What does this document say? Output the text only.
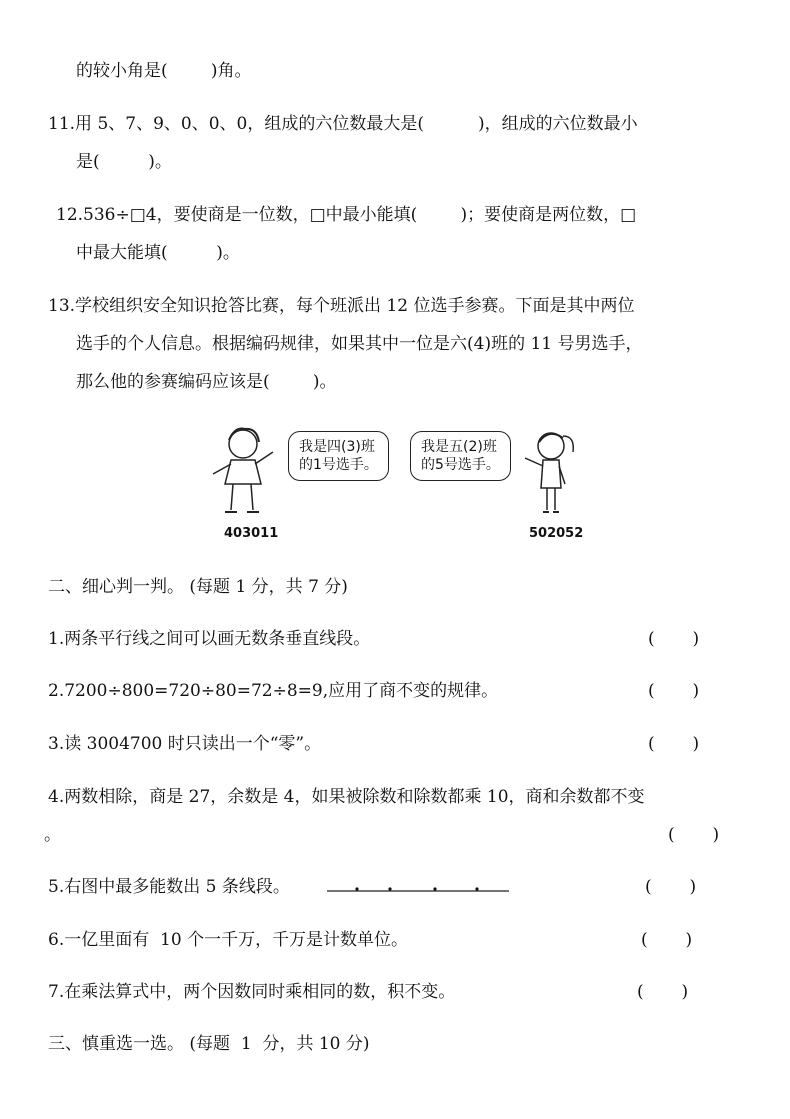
的较小角是(        )角。
11.用 5、7、9、0、0、0，组成的六位数最大是(          )，组成的六位数最小
是(         )。
12.536÷□4，要使商是一位数，□中最小能填(        )；要使商是两位数，□
中最大能填(         )。
13.学校组织安全知识抢答比赛，每个班派出 12 位选手参赛。下面是其中两位
选手的个人信息。根据编码规律，如果其中一位是六(4)班的 11 号男选手，
那么他的参赛编码应该是(        )。
我是四(3)班
的1号选手。
我是五(2)班
的5号选手。
403011	502052
二、细心判一判。 (每题 1 分，共 7 分)
1.两条平行线之间可以画无数条垂直线段。	(       )
2.7200÷800=720÷80=72÷8=9,应用了商不变的规律。	(       )
3.读 3004700 时只读出一个“零”。	(       )
4.两数相除，商是 27，余数是 4，如果被除数和除数都乘 10，商和余数都不变
。	(       )
5.右图中最多能数出 5 条线段。	(       )
6.一亿里面有  10 个一千万，千万是计数单位。	(       )
7.在乘法算式中，两个因数同时乘相同的数，积不变。	(       )
三、慎重选一选。 (每题  1  分，共 10 分)
